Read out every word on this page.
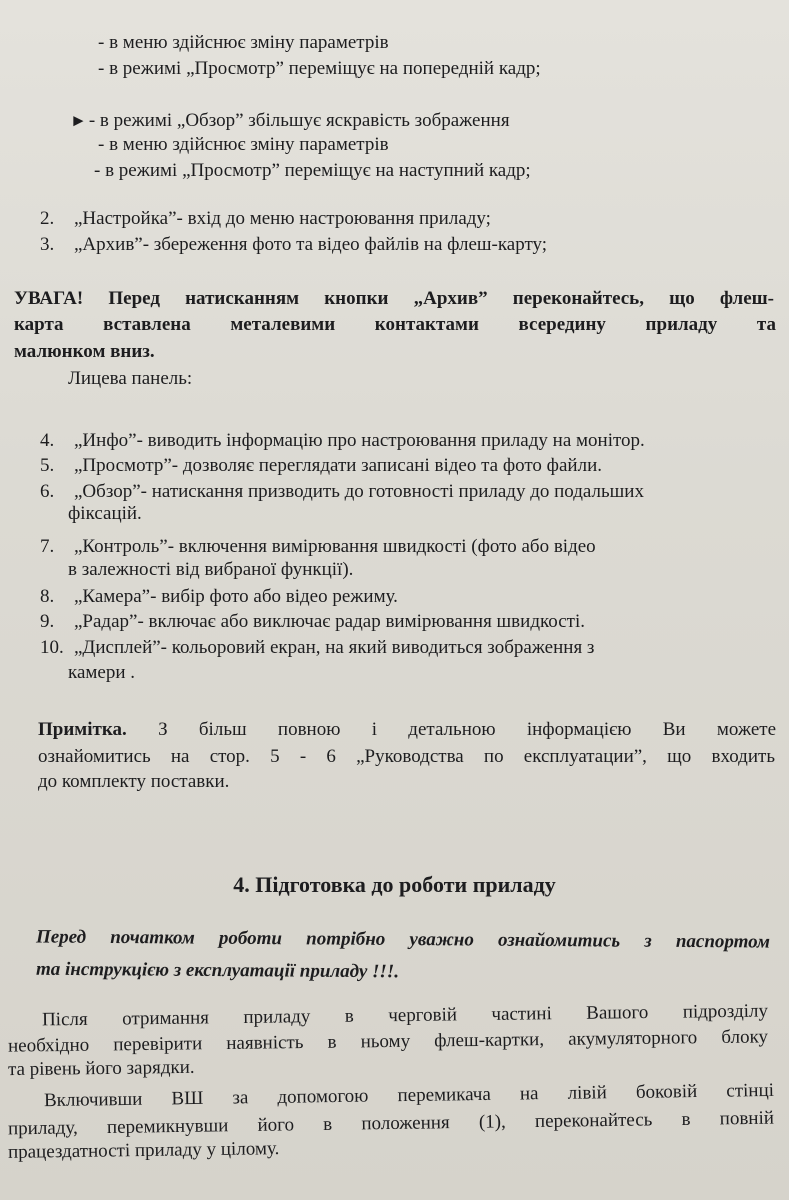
- в меню здійснює зміну параметрів
- в режимі „Просмотр” переміщує на попередній кадр;
► - в режимі „Обзор” збільшує яскравість зображення
- в меню здійснює зміну параметрів
- в режимі „Просмотр” переміщує на наступний кадр;
2. „Настройка”- вхід до меню настроювання приладу;
3. „Архив”- збереження фото та відео файлів на флеш-карту;
УВАГА! Перед натисканням кнопки „Архив” переконайтесь, що флеш-
карта вставлена металевими контактами всередину приладу та
малюнком вниз.
Лицева панель:
4. „Инфо”- виводить інформацію про настроювання приладу на монітор.
5. „Просмотр”- дозволяє переглядати записані відео та фото файли.
6. „Обзор”- натискання призводить до готовності приладу до подальших
фіксацій.
7. „Контроль”- включення вимірювання швидкості (фото або відео
в залежності від вибраної функції).
8. „Камера”- вибір фото або відео режиму.
9. „Радар”- включає або виключає радар вимірювання швидкості.
10. „Дисплей”- кольоровий екран, на який виводиться зображення з
камери .
Примітка. З більш повною і детальною інформацією Ви можете
ознайомитись на стор. 5 - 6 „Руководства по експлуатации”, що входить
до комплекту поставки.
4. Підготовка до роботи приладу
Перед початком роботи потрібно уважно ознайомитись з паспортом
та інструкцією з експлуатації приладу !!!.
Після отримання приладу в черговій частині Вашого підрозділу
необхідно перевірити наявність в ньому флеш-картки, акумуляторного блоку
та рівень його зарядки.
Включивши ВШ за допомогою перемикача на лівій боковій стінці
приладу, перемикнувши його в положення (1), переконайтесь в повній
працездатності приладу у цілому.
